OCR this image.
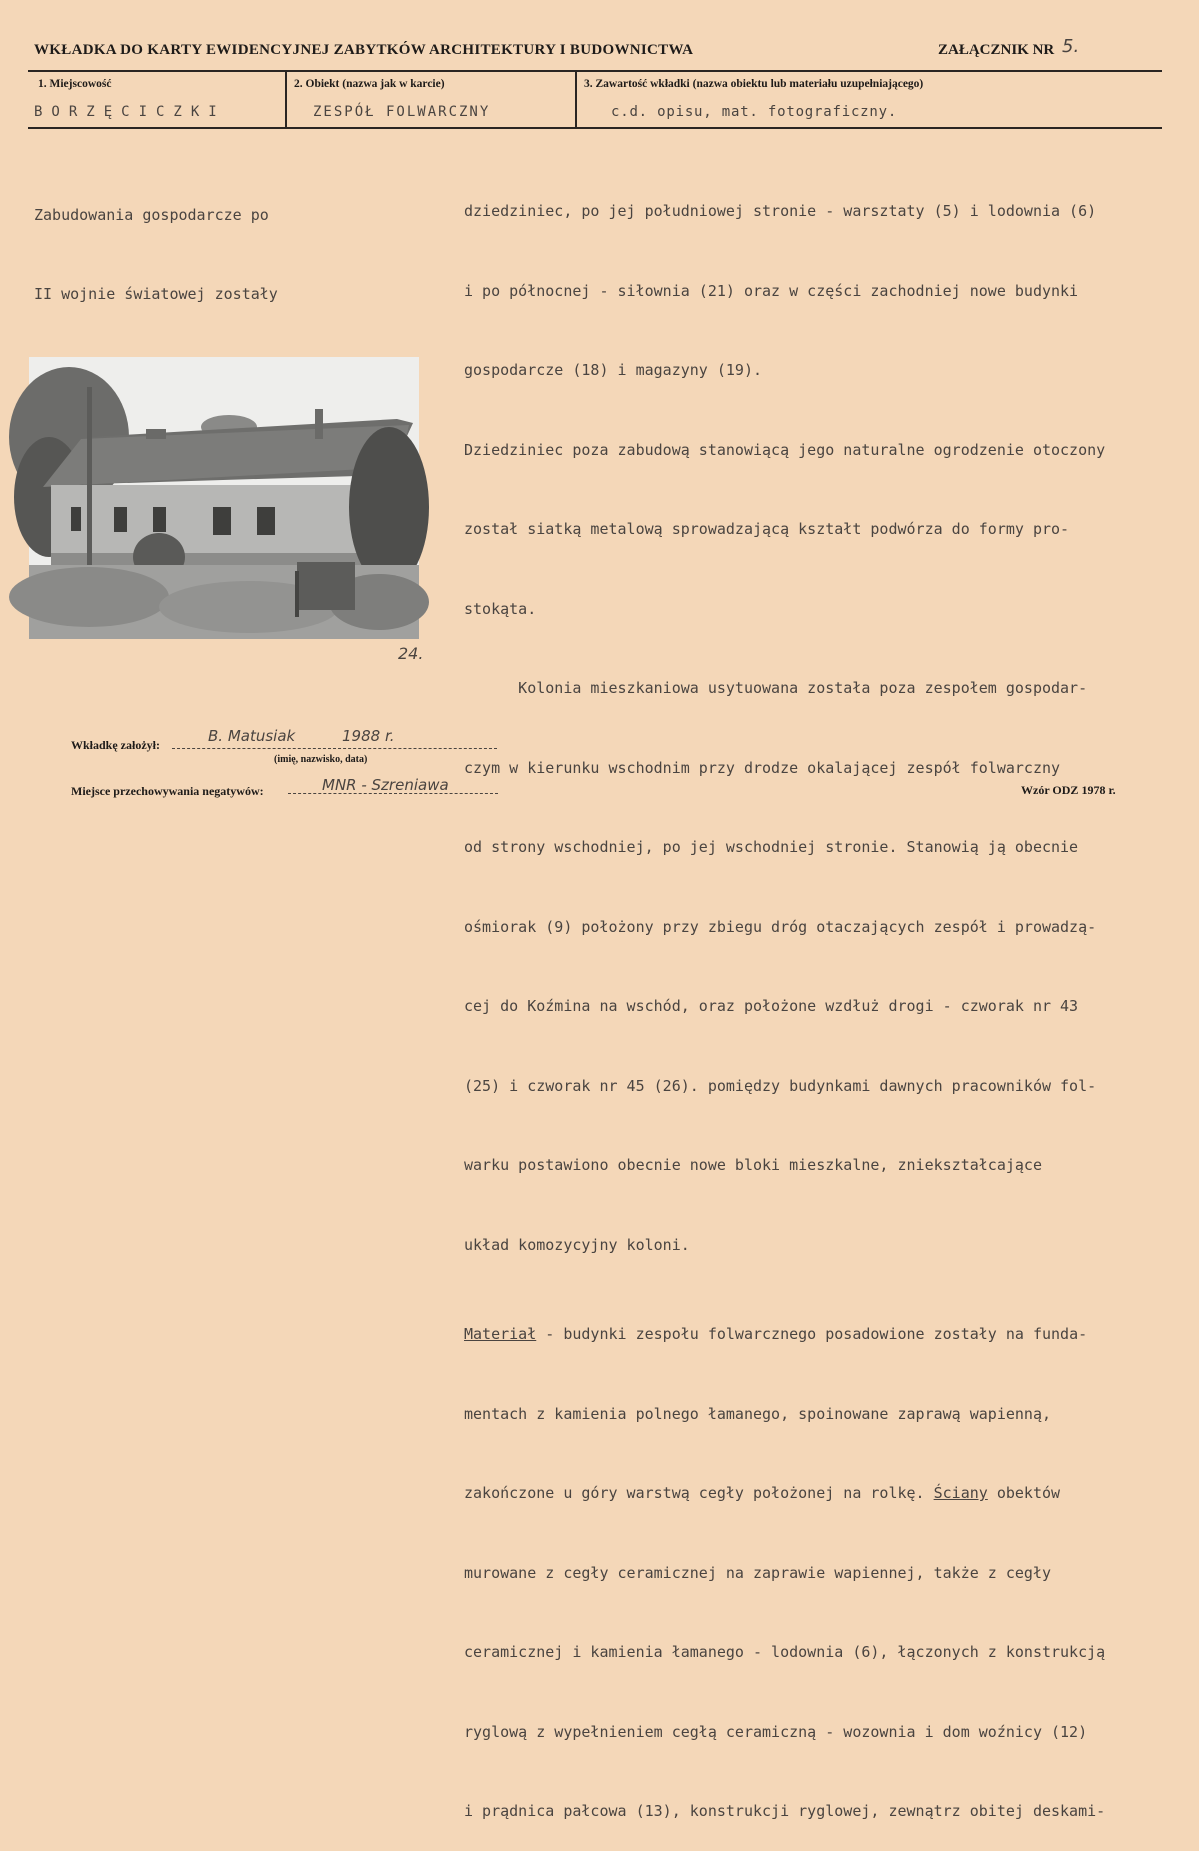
WKŁADKA DO KARTY EWIDENCYJNEJ ZABYTKÓW ARCHITEKTURY I BUDOWNICTWA	ZAŁĄCZNIK NR 5.
1. Miejscowość	2. Obiekt (nazwa jak w karcie)	3. Zawartość wkładki (nazwa obiektu lub materiału uzupełniającego)
BORZĘCICZKI	ZESPÓŁ FOLWARCZNY	c.d. opisu, mat. fotograficzny.

Zabudowania gospodarcze po

II wojnie światowej zostały

dziedziniec, po jej południowej stronie - warsztaty (5) i lodownia (6)

i po północnej - siłownia (21) oraz w części zachodniej nowe budynki

gospodarcze (18) i magazyny (19).

Dziedziniec poza zabudową stanowiącą jego naturalne ogrodzenie otoczony

został siatką metalową sprowadzającą kształt podwórza do formy pro-

stokąta.

Kolonia mieszkaniowa usytuowana została poza zespołem gospodar-

czym w kierunku wschodnim przy drodze okalającej zespół folwarczny

od strony wschodniej, po jej wschodniej stronie. Stanowią ją obecnie

ośmiorak (9) położony przy zbiegu dróg otaczających zespół i prowadzą-

cej do Koźmina na wschód, oraz położone wzdłuż drogi - czworak nr 43

(25) i czworak nr 45 (26). pomiędzy budynkami dawnych pracowników fol-

warku postawiono obecnie nowe bloki mieszkalne, zniekształcające

układ komozycyjny koloni.

Materiał - budynki zespołu folwarcznego posadowione zostały na funda-

mentach z kamienia polnego łamanego, spoinowane zaprawą wapienną,

zakończone u góry warstwą cegły położonej na rolkę. Ściany obektów

murowane z cegły ceramicznej na zaprawie wapiennej, także z cegły

ceramicznej i kamienia łamanego - lodownia (6), łączonych z konstrukcją

ryglową z wypełnieniem cegłą ceramiczną - wozownia i dom woźnicy (12)

i prądnica pałcowa (13), konstrukcji ryglowej, zewnątrz obitej deskami-

24.
Wkładkę założył:	B. Matusiak	1988 r.
(imię, nazwisko, data)
Miejsce przechowywania negatywów:	MNR - Szreniawa	Wzór ODZ 1978 r.
